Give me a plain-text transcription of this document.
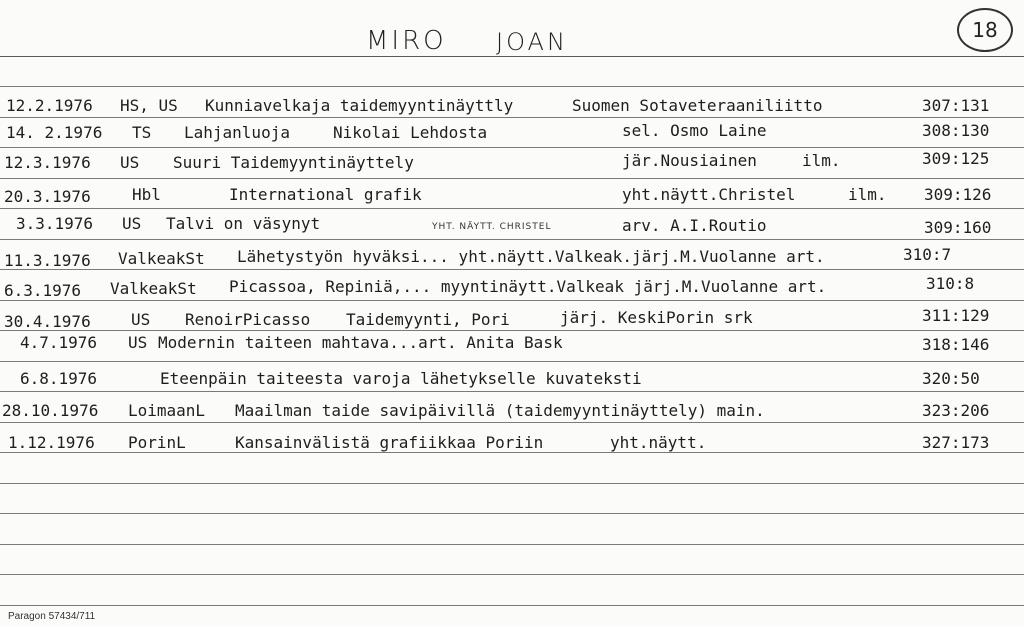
MIRO JOAN	18
12.2.1976 HS, US Kunniavelkaja taidemyyntinäyttly	Suomen Sotaveteraaniliitto	307:131
14. 2.1976 TS Lahjanluoja	Nikolai Lehdosta	sel. Osmo Laine	308:130
12.3.1976 US Suuri Taidemyyntinäyttely	jär.Nousiainen	ilm.	309:125
20.3.1976	Hbl	International grafik	yht.näytt.Christel	ilm. 309:126
3.3.1976 US Talvi on väsynyt	YHT. NÄYTT. CHRISTEL	arv. A.I.Routio	309:160
11.3.1976 ValkeakSt Lähetystyön hyväksi... yht.näytt.Valkeak.järj.M.Vuolanne art.	310:7
6.3.1976 ValkeakSt Picassoa, Repiniä,... myyntinäytt.Valkeak järj.M.Vuolanne art.	310:8
30.4.1976	US RenoirPicasso Taidemyynti, Pori	järj. KeskiPorin srk	311:129
4.7.1976 US Modernin taiteen mahtava...art. Anita Bask	318:146
6.8.1976	Eteenpäin taiteesta varoja lähetykselle kuvateksti	320:50
28.10.1976 LoimaanL Maailman taide savipäivillä (taidemyyntinäyttely) main.	323:206
1.12.1976 PorinL	Kansainvälistä grafiikkaa Poriin	yht.näytt.	327:173
Paragon 57434/711
